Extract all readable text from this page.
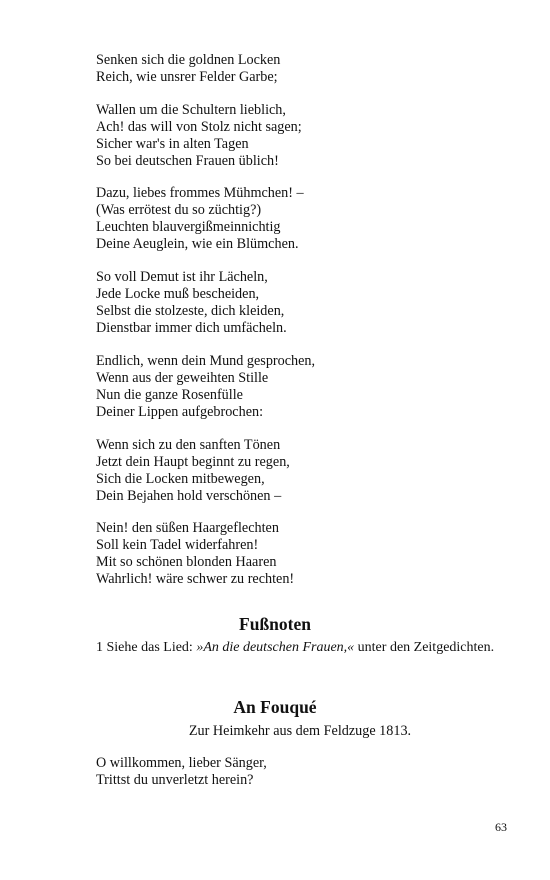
Senken sich die goldnen Locken
Reich, wie unsrer Felder Garbe;
Wallen um die Schultern lieblich,
Ach! das will von Stolz nicht sagen;
Sicher war's in alten Tagen
So bei deutschen Frauen üblich!
Dazu, liebes frommes Mühmchen! –
(Was errötest du so züchtig?)
Leuchten blauvergißmeinnichtig
Deine Aeuglein, wie ein Blümchen.
So voll Demut ist ihr Lächeln,
Jede Locke muß bescheiden,
Selbst die stolzeste, dich kleiden,
Dienstbar immer dich umfächeln.
Endlich, wenn dein Mund gesprochen,
Wenn aus der geweihten Stille
Nun die ganze Rosenfülle
Deiner Lippen aufgebrochen:
Wenn sich zu den sanften Tönen
Jetzt dein Haupt beginnt zu regen,
Sich die Locken mitbewegen,
Dein Bejahen hold verschönen –
Nein! den süßen Haargeflechten
Soll kein Tadel widerfahren!
Mit so schönen blonden Haaren
Wahrlich! wäre schwer zu rechten!
Fußnoten

1 Siehe das Lied: »An die deutschen Frauen,« unter den Zeitgedichten.

An Fouqué

Zur Heimkehr aus dem Feldzuge 1813.

O willkommen, lieber Sänger,
Trittst du unverletzt herein?
63
